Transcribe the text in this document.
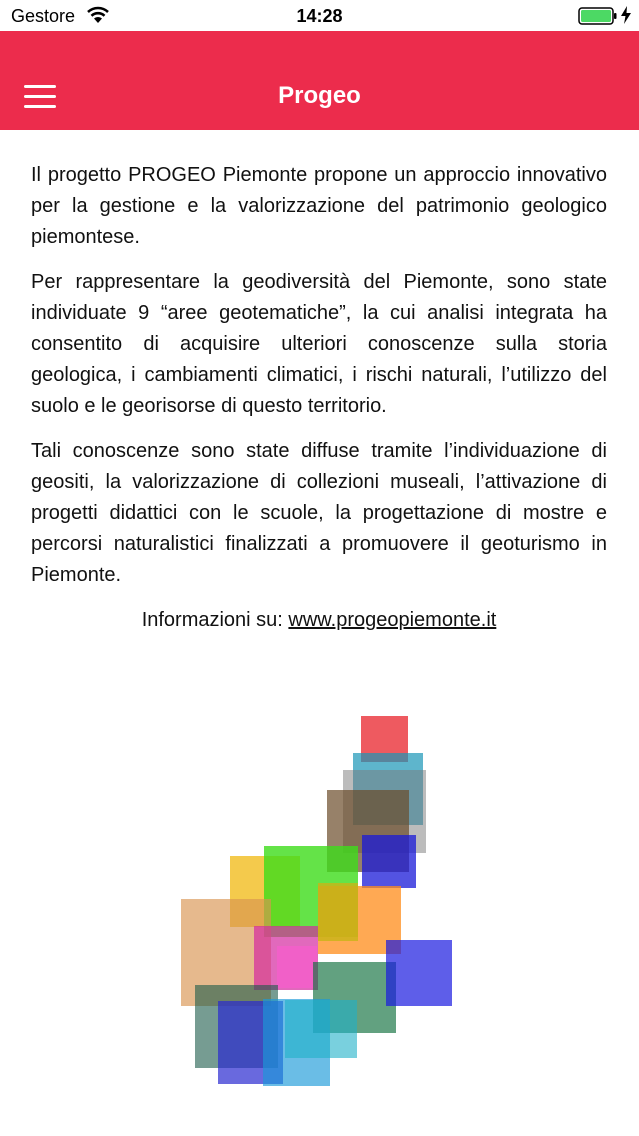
Gestore	14:28
Progeo

Il progetto PROGEO Piemonte propone un approccio innovativo per la gestione e la valorizzazione del patrimonio geologico piemontese.

Per rappresentare la geodiversità del Piemonte, sono state individuate 9 “aree geotematiche”, la cui analisi integrata ha consentito di acquisire ulteriori conoscenze sulla storia geologica, i cambiamenti climatici, i rischi naturali, l’utilizzo del suolo e le georisorse di questo territorio.

Tali conoscenze sono state diffuse tramite l’individuazione di geositi, la valorizzazione di collezioni museali, l’attivazione di progetti didattici con le scuole, la progettazione di mostre e percorsi naturalistici finalizzati a promuovere il geoturismo in Piemonte.

Informazioni su: www.progeopiemonte.it
